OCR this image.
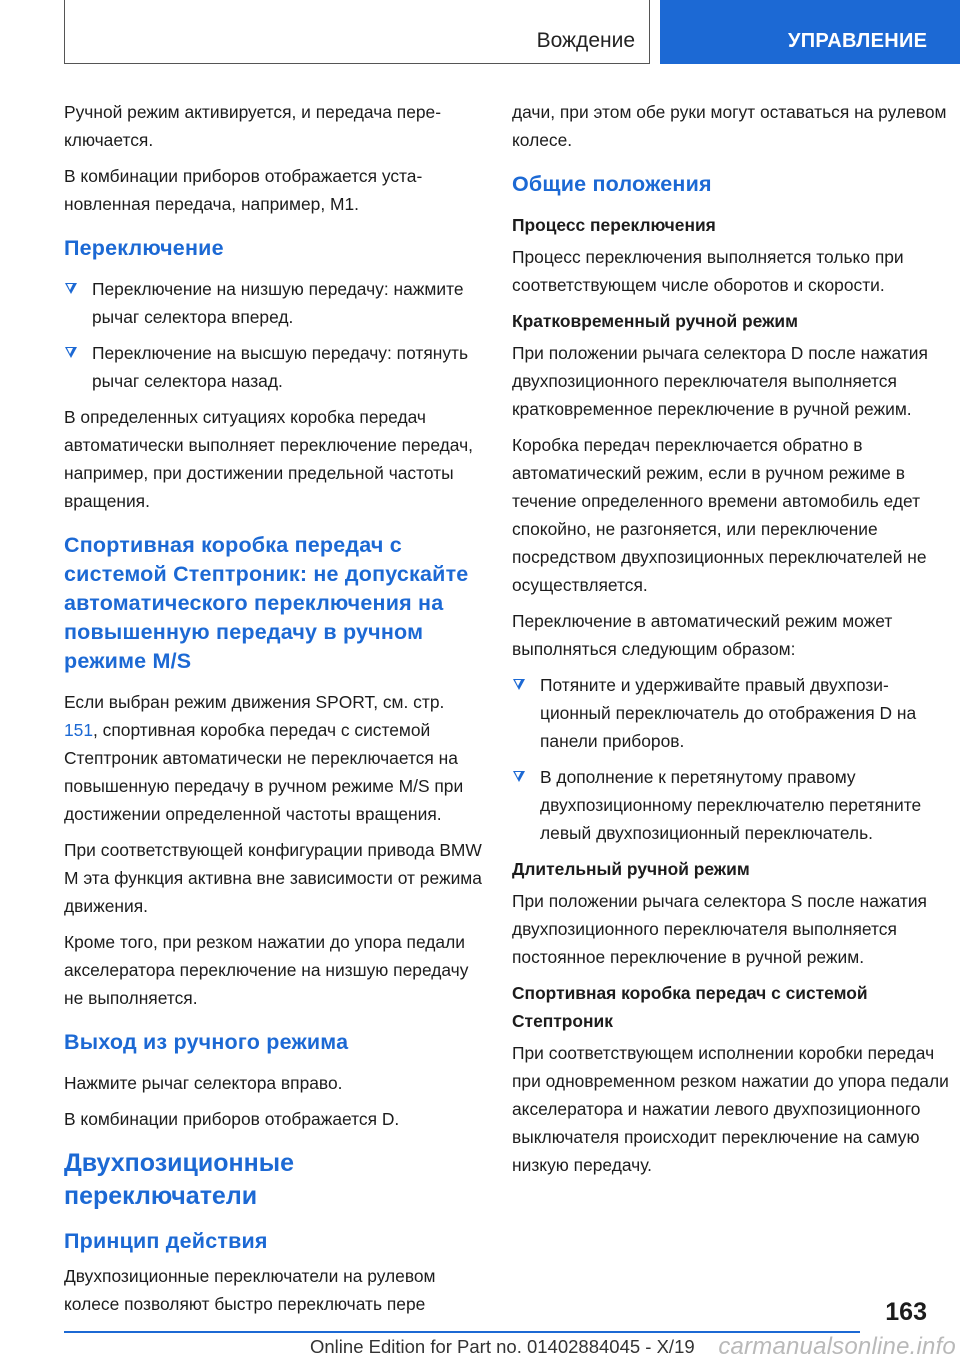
Вождение	УПРАВЛЕНИЕ

Ручной режим активируется, и передача переключается.

В комбинации приборов отображается установленная передача, например, M1.

Переключение

Переключение на низшую передачу: нажмите рычаг селектора вперед.

Переключение на высшую передачу: потянуть рычаг селектора назад.

В определенных ситуациях коробка передач автоматически выполняет переключение передач, например, при достижении предельной частоты вращения.

Спортивная коробка передач с системой Стептроник: не допускайте автоматического переключения на повышенную передачу в ручном режиме M/S

Если выбран режим движения SPORT, см. стр. 151, спортивная коробка передач с системой Стептроник автоматически не переключается на повышенную передачу в ручном режиме M/S при достижении определенной частоты вращения.

При соответствующей конфигурации привода BMW M эта функция активна вне зависимости от режима движения.

Кроме того, при резком нажатии до упора педали акселератора переключение на низшую передачу не выполняется.

Выход из ручного режима

Нажмите рычаг селектора вправо.

В комбинации приборов отображается D.

Двухпозиционные переключатели
Принцип действия

Двухпозиционные переключатели на рулевом колесе позволяют быстро переключать пере

дачи, при этом обе руки могут оставаться на рулевом колесе.

Общие положения
Процесс переключения

Процесс переключения выполняется только при соответствующем числе оборотов и скорости.

Кратковременный ручной режим

При положении рычага селектора D после нажатия двухпозиционного переключателя выполняется кратковременное переключение в ручной режим.

Коробка передач переключается обратно в автоматический режим, если в ручном режиме в течение определенного времени автомобиль едет спокойно, не разгоняется, или переключение посредством двухпозиционных переключателей не осуществляется.

Переключение в автоматический режим может выполняться следующим образом:

Потяните и удерживайте правый двухпозиционный переключатель до отображения D на панели приборов.

В дополнение к перетянутому правому двухпозиционному переключателю перетяните левый двухпозиционный переключатель.

Длительный ручной режим

При положении рычага селектора S после нажатия двухпозиционного переключателя выполняется постоянное переключение в ручной режим.

Спортивная коробка передач с системой Стептроник

При соответствующем исполнении коробки передач при одновременном резком нажатии до упора педали акселератора и нажатии левого двухпозиционного выключателя происходит переключение на самую низкую передачу.

163
Online Edition for Part no. 01402884045 - X/19 carmanualsonline.info
